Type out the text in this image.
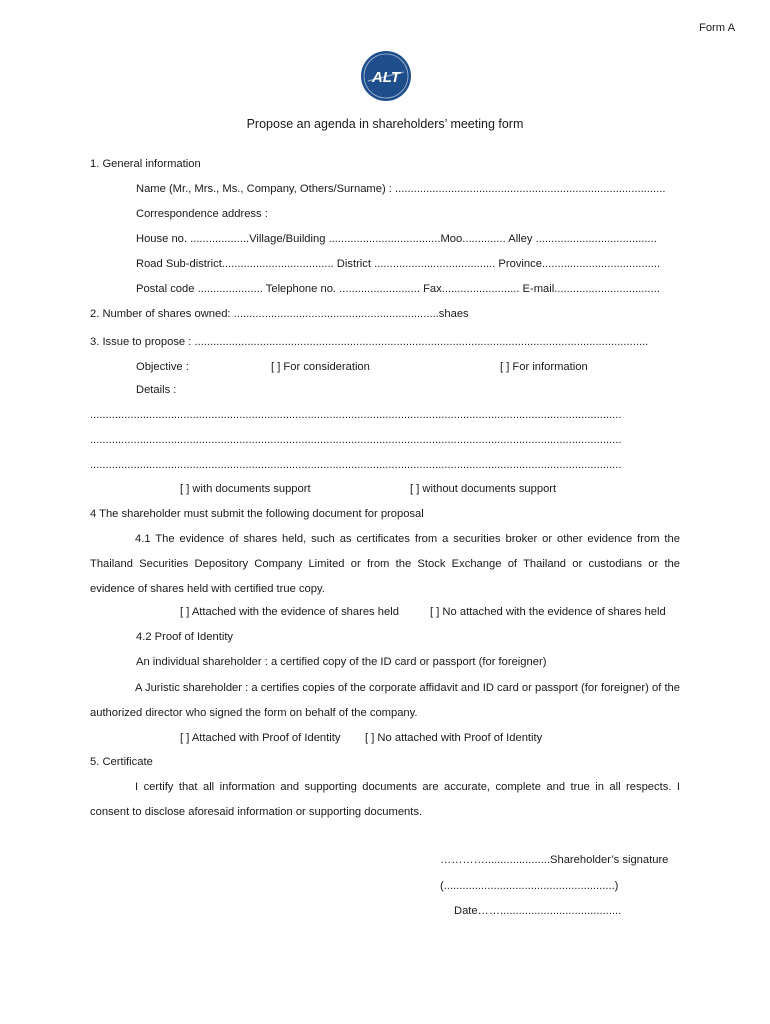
Form A
ALT
Propose an agenda in shareholders’ meeting form
1. General information
Name (Mr., Mrs., Ms., Company, Others/Surname) : .......................................................................................
Correspondence address :
House no. ...................Village/Building ....................................Moo.............. Alley .......................................
Road Sub-district.................................... District ....................................... Province......................................
Postal code ..................... Telephone no. .......................... Fax......................... E-mail..................................
2. Number of shares owned: ..................................................................shaes
3. Issue to propose : ..................................................................................................................................................
Objective :	[ ] For consideration	[ ] For information
Details :
...........................................................................................................................................................................
...........................................................................................................................................................................
...........................................................................................................................................................................
[ ] with documents support	[ ] without documents support
4 The shareholder must submit the following document for proposal
4.1 The evidence of shares held, such as certificates from a securities broker or other evidence from the Thailand Securities Depository Company Limited or from the Stock Exchange of Thailand or custodians or the evidence of shares held with certified true copy.
[ ] Attached with the evidence of shares held	[ ] No attached with the evidence of shares held
4.2 Proof of Identity
An individual shareholder : a certified copy of the ID card or passport (for foreigner)
A Juristic shareholder : a certifies copies of the corporate affidavit and ID card or passport (for foreigner) of the authorized director who signed the form on behalf of the company.
[ ] Attached with Proof of Identity [ ] No attached with Proof of Identity
5. Certificate
I certify that all information and supporting documents are accurate, complete and true in all respects. I consent to disclose aforesaid information or supporting documents.
………….....................Shareholder’s signature
(.......................................................)
Date…….......................................
